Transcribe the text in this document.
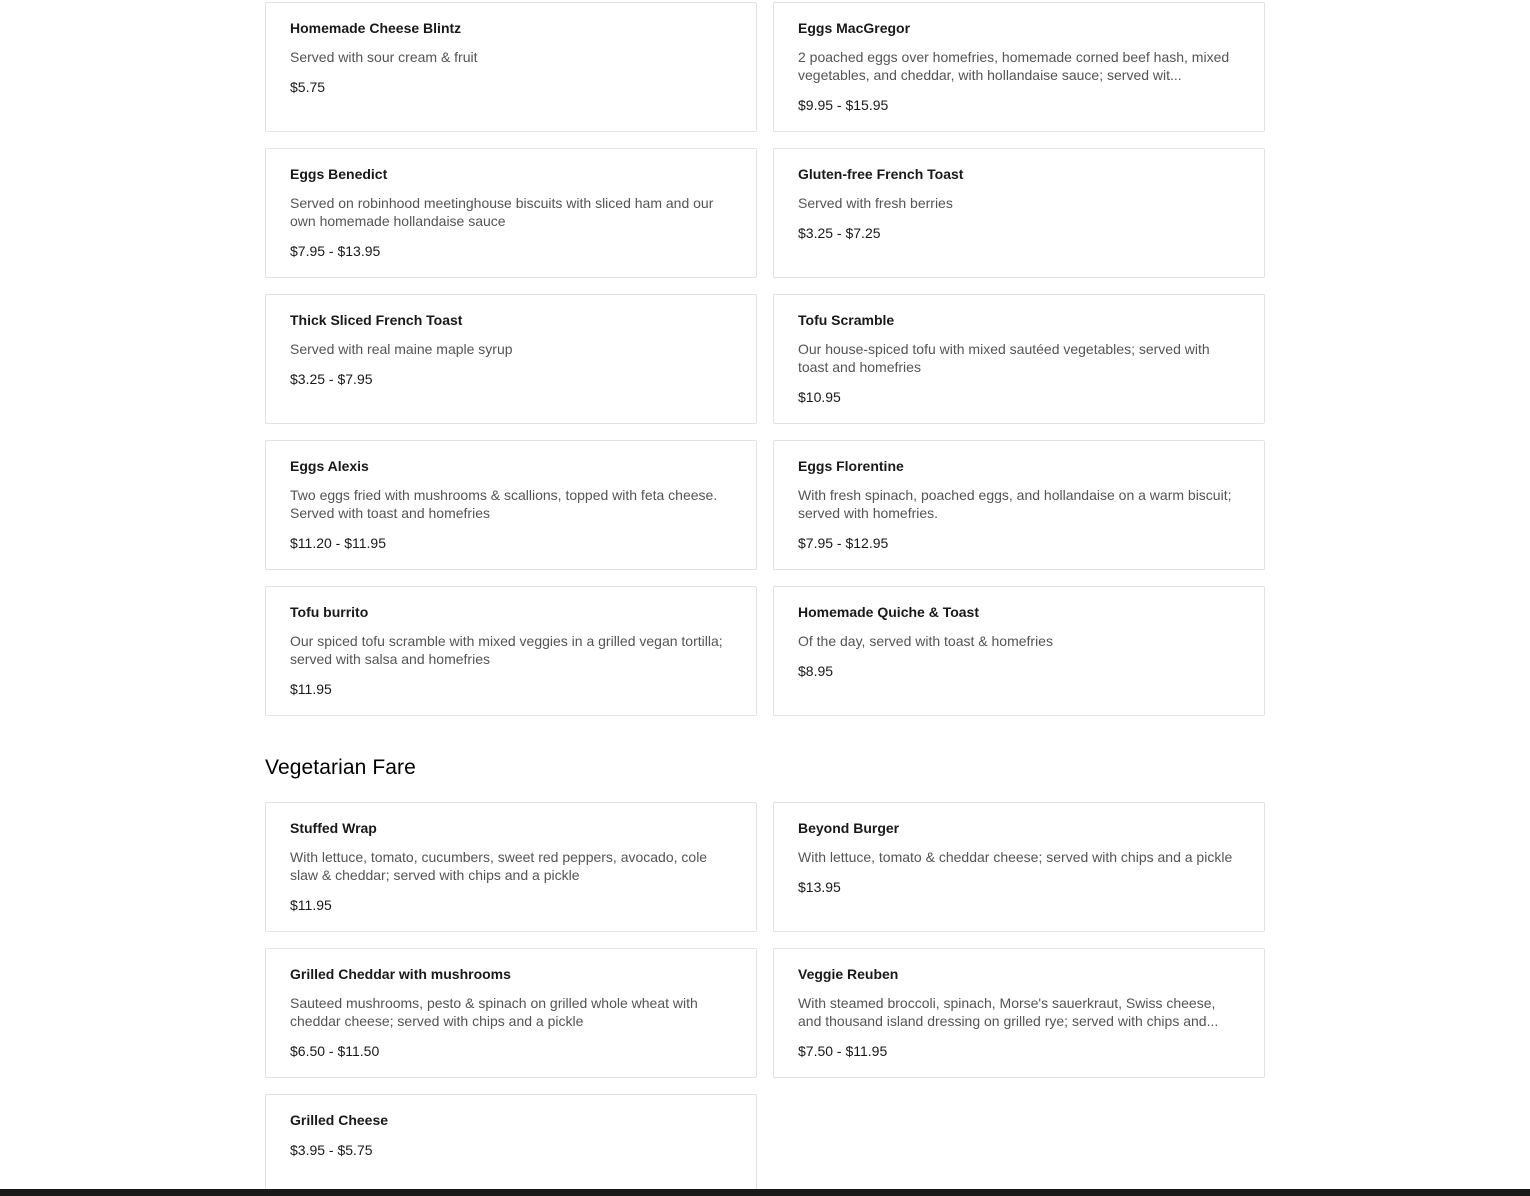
Homemade Cheese Blintz
Served with sour cream & fruit
$5.75
Eggs MacGregor
2 poached eggs over homefries, homemade corned beef hash, mixed vegetables, and cheddar, with hollandaise sauce; served wit...
$9.95 - $15.95
Eggs Benedict
Served on robinhood meetinghouse biscuits with sliced ham and our own homemade hollandaise sauce
$7.95 - $13.95
Gluten-free French Toast
Served with fresh berries
$3.25 - $7.25
Thick Sliced French Toast
Served with real maine maple syrup
$3.25 - $7.95
Tofu Scramble
Our house-spiced tofu with mixed sautéed vegetables; served with toast and homefries
$10.95
Eggs Alexis
Two eggs fried with mushrooms & scallions, topped with feta cheese. Served with toast and homefries
$11.20 - $11.95
Eggs Florentine
With fresh spinach, poached eggs, and hollandaise on a warm biscuit; served with homefries.
$7.95 - $12.95
Tofu burrito
Our spiced tofu scramble with mixed veggies in a grilled vegan tortilla; served with salsa and homefries
$11.95
Homemade Quiche & Toast
Of the day, served with toast & homefries
$8.95
Vegetarian Fare
Stuffed Wrap
With lettuce, tomato, cucumbers, sweet red peppers, avocado, cole slaw & cheddar; served with chips and a pickle
$11.95
Beyond Burger
With lettuce, tomato & cheddar cheese; served with chips and a pickle
$13.95
Grilled Cheddar with mushrooms
Sauteed mushrooms, pesto & spinach on grilled whole wheat with cheddar cheese; served with chips and a pickle
$6.50 - $11.50
Veggie Reuben
With steamed broccoli, spinach, Morse's sauerkraut, Swiss cheese, and thousand island dressing on grilled rye; served with chips and...
$7.50 - $11.95
Grilled Cheese
$3.95 - $5.75
